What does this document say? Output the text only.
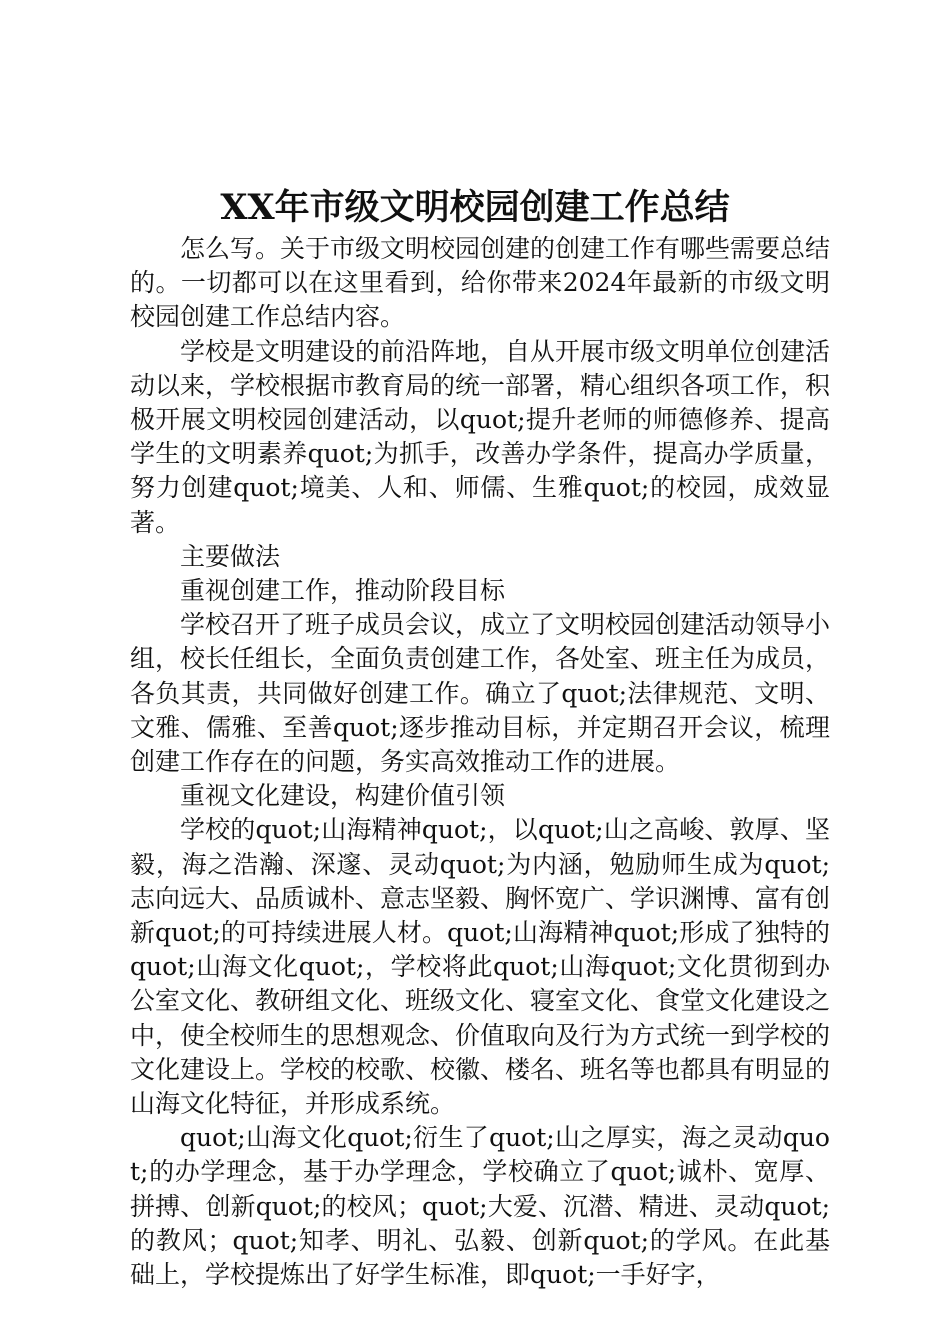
XX年市级文明校园创建工作总结

怎么写。关于市级文明校园创建的创建工作有哪些需要总结的。一切都可以在这里看到，给你带来2024年最新的市级文明校园创建工作总结内容。

学校是文明建设的前沿阵地，自从开展市级文明单位创建活动以来，学校根据市教育局的统一部署，精心组织各项工作，积极开展文明校园创建活动，以quot;提升老师的师德修养、提高学生的文明素养quot;为抓手，改善办学条件，提高办学质量，努力创建quot;境美、人和、师儒、生雅quot;的校园，成效显著。

主要做法

重视创建工作，推动阶段目标

学校召开了班子成员会议，成立了文明校园创建活动领导小组，校长任组长，全面负责创建工作，各处室、班主任为成员，各负其责，共同做好创建工作。确立了quot;法律规范、文明、文雅、儒雅、至善quot;逐步推动目标，并定期召开会议，梳理创建工作存在的问题，务实高效推动工作的进展。

重视文化建设，构建价值引领

学校的quot;山海精神quot;，以quot;山之高峻、敦厚、坚毅，海之浩瀚、深邃、灵动quot;为内涵，勉励师生成为quot;志向远大、品质诚朴、意志坚毅、胸怀宽广、学识渊博、富有创新quot;的可持续进展人材。quot;山海精神quot;形成了独特的quot;山海文化quot;，学校将此quot;山海quot;文化贯彻到办公室文化、教研组文化、班级文化、寝室文化、食堂文化建设之中，使全校师生的思想观念、价值取向及行为方式统一到学校的文化建设上。学校的校歌、校徽、楼名、班名等也都具有明显的山海文化特征，并形成系统。

quot;山海文化quot;衍生了quot;山之厚实，海之灵动quot;的办学理念，基于办学理念，学校确立了quot;诚朴、宽厚、拼搏、创新quot;的校风；quot;大爱、沉潜、精进、灵动quot;的教风；quot;知孝、明礼、弘毅、创新quot;的学风。在此基础上，学校提炼出了好学生标准，即quot;一手好字，
